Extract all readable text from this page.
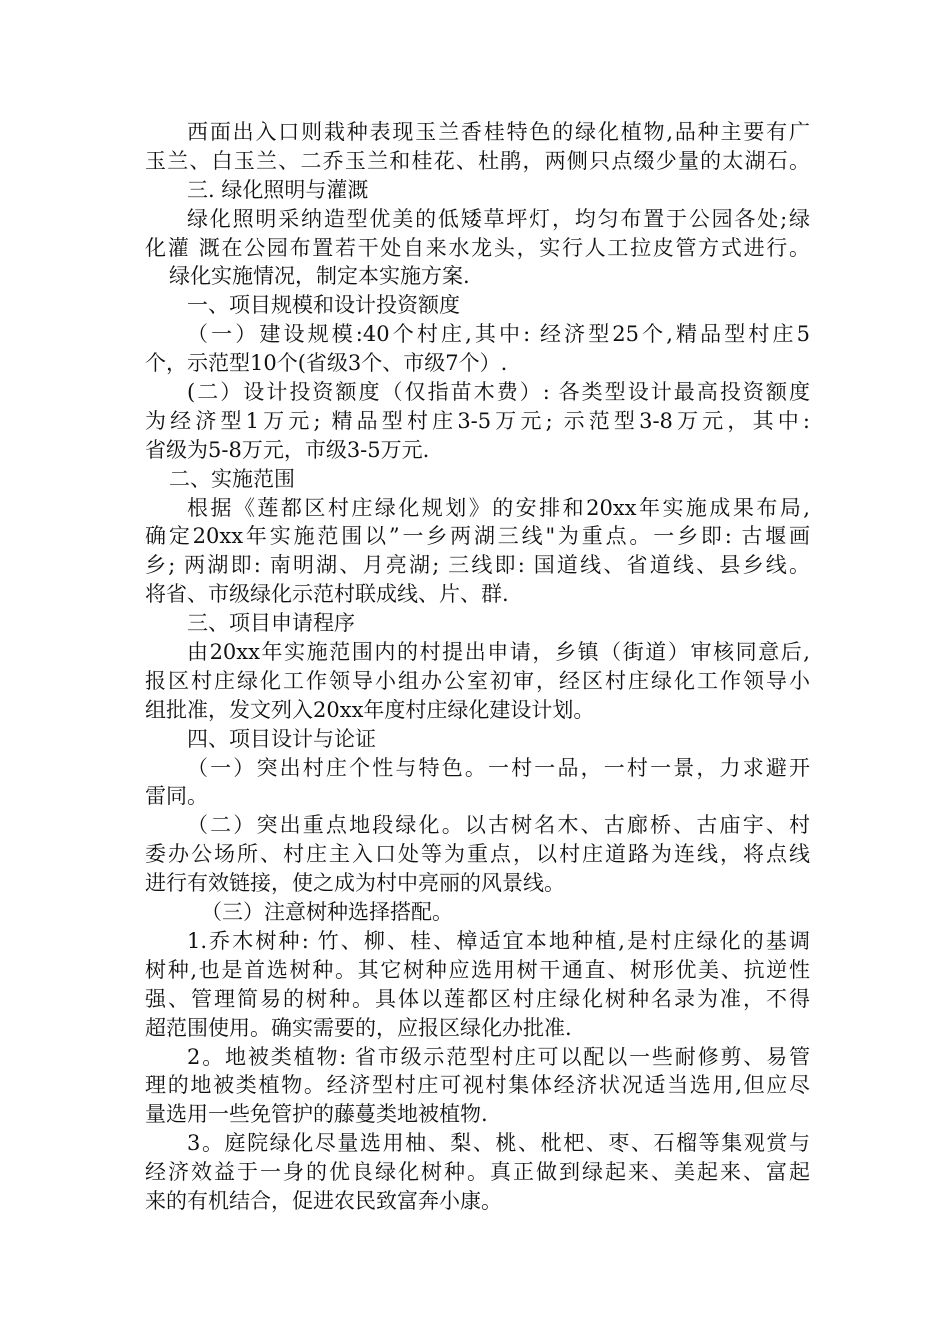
西面出入口则栽种表现玉兰香桂特色的绿化植物,品种主要有广
玉兰、白玉兰、二乔玉兰和桂花、杜鹃，两侧只点缀少量的太湖石。
三. 绿化照明与灌溉
绿化照明采纳造型优美的低矮草坪灯，均匀布置于公园各处;绿
化灌 溉在公园布置若干处自来水龙头，实行人工拉皮管方式进行。
绿化实施情况，制定本实施方案.
一、项目规模和设计投资额度
（一）建设规模:40个村庄,其中: 经济型25个,精品型村庄5
个，示范型10个(省级3个、市级7个）.
(二）设计投资额度（仅指苗木费）: 各类型设计最高投资额度
为经济型1万元; 精品型村庄3-5万元; 示范型3-8万元，其中:
省级为5-8万元，市级3-5万元.
二、实施范围
根据《莲都区村庄绿化规划》的安排和20xx年实施成果布局,
确定20xx年实施范围以”一乡两湖三线"为重点。一乡即: 古堰画
乡; 两湖即: 南明湖、月亮湖; 三线即: 国道线、省道线、县乡线。
将省、市级绿化示范村联成线、片、群.
三、项目申请程序
由20xx年实施范围内的村提出申请，乡镇（街道）审核同意后,
报区村庄绿化工作领导小组办公室初审，经区村庄绿化工作领导小
组批准，发文列入20xx年度村庄绿化建设计划。
四、项目设计与论证
（一）突出村庄个性与特色。一村一品，一村一景，力求避开
雷同。
（二）突出重点地段绿化。以古树名木、古廊桥、古庙宇、村
委办公场所、村庄主入口处等为重点，以村庄道路为连线，将点线
进行有效链接，使之成为村中亮丽的风景线。
（三）注意树种选择搭配。
1.乔木树种: 竹、柳、桂、樟适宜本地种植,是村庄绿化的基调
树种,也是首选树种。其它树种应选用树干通直、树形优美、抗逆性
强、管理简易的树种。具体以莲都区村庄绿化树种名录为准，不得
超范围使用。确实需要的，应报区绿化办批准.
2。地被类植物: 省市级示范型村庄可以配以一些耐修剪、易管
理的地被类植物。经济型村庄可视村集体经济状况适当选用,但应尽
量选用一些免管护的藤蔓类地被植物.
3。庭院绿化尽量选用柚、梨、桃、枇杷、枣、石榴等集观赏与
经济效益于一身的优良绿化树种。真正做到绿起来、美起来、富起
来的有机结合，促进农民致富奔小康。
